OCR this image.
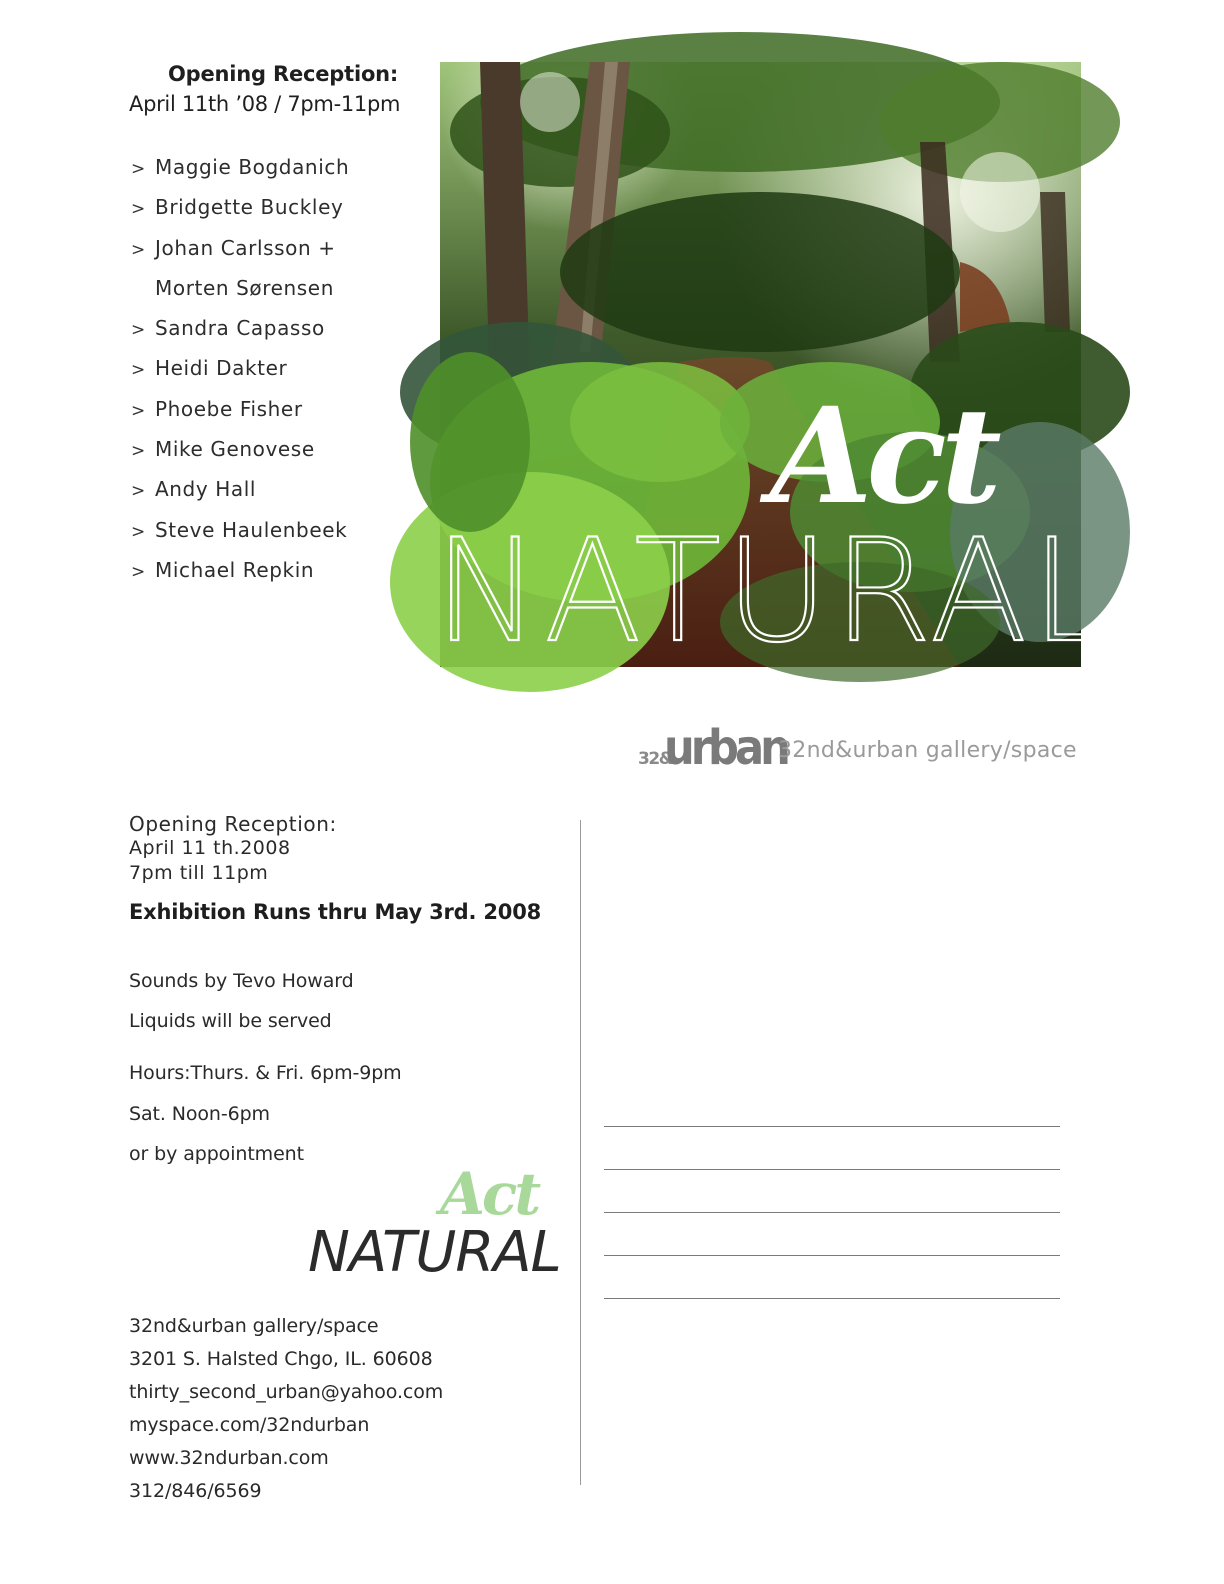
Opening Reception:
April 11th ’08 / 7pm-11pm
> Maggie Bogdanich
> Bridgette Buckley
> Johan Carlsson +
Morten Sørensen
> Sandra Capasso
> Heidi Dakter
> Phoebe Fisher
> Mike Genovese
> Andy Hall
> Steve Haulenbeek
> Michael Repkin
Act
NATURAL
32&
urban
32nd&urban gallery/space
Opening Reception:
April 11 th.2008
7pm till 11pm
Exhibition Runs thru May 3rd. 2008
Sounds by Tevo Howard
Liquids will be served
Hours:Thurs. & Fri. 6pm-9pm
Sat. Noon-6pm
or by appointment
Act
NATURAL
32nd&urban gallery/space
3201 S. Halsted Chgo, IL. 60608
thirty_second_urban@yahoo.com
myspace.com/32ndurban
www.32ndurban.com
312/846/6569
